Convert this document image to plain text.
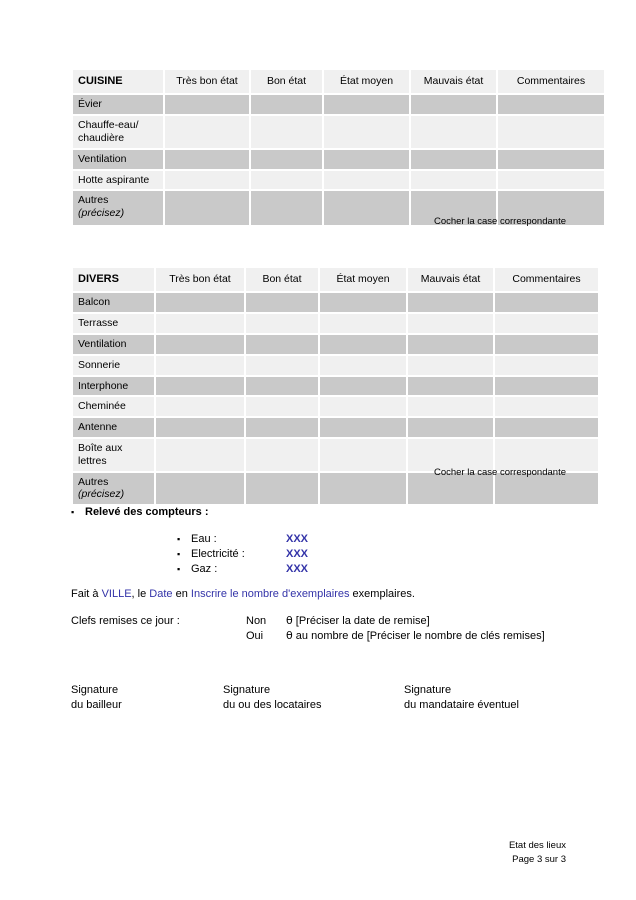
CUISINE	Très bon état	Bon état	État moyen	Mauvais état	Commentaires
Évier					
Chauffe-eau/ chaudière					
Ventilation					
Hotte aspirante					
Autres
(précisez)					
Cocher la case correspondante
DIVERS	Très bon état	Bon état	État moyen	Mauvais état	Commentaires
Balcon					
Terrasse					
Ventilation					
Sonnerie					
Interphone					
Cheminée					
Antenne					
Boîte aux lettres					
Autres
(précisez)					
Cocher la case correspondante
▪ Relevé des compteurs :
▪ Eau :	XXX
▪ Electricité :	XXX
▪ Gaz :	XXX
Fait à VILLE, le Date en Inscrire le nombre d'exemplaires exemplaires.
Clefs remises ce jour :	Non θ [Préciser la date de remise]
Oui θ au nombre de [Préciser le nombre de clés remises]
Signature
du bailleur
Signature
du ou des locataires
Signature
du mandataire éventuel
Etat des lieux
Page 3 sur 3
